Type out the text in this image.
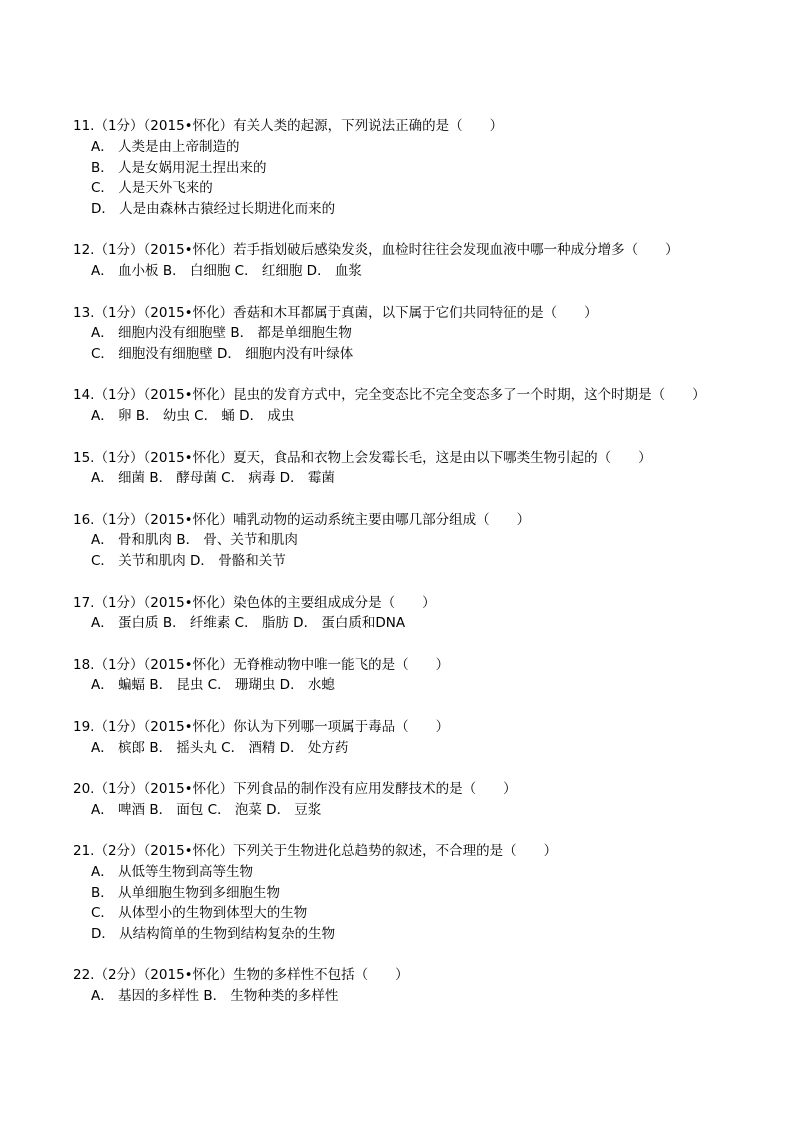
11.（1分）（2015•怀化）有关人类的起源，下列说法正确的是（　　）
A． 人类是由上帝制造的
B． 人是女娲用泥土捏出来的
C． 人是天外飞来的
D． 人是由森林古猿经过长期进化而来的
12.（1分）（2015•怀化）若手指划破后感染发炎，血检时往往会发现血液中哪一种成分增多（　　）
A． 血小板 B． 白细胞 C． 红细胞 D． 血浆
13.（1分）（2015•怀化）香菇和木耳都属于真菌，以下属于它们共同特征的是（　　）
A． 细胞内没有细胞壁 B． 都是单细胞生物
C． 细胞没有细胞壁 D． 细胞内没有叶绿体
14.（1分）（2015•怀化）昆虫的发育方式中，完全变态比不完全变态多了一个时期，这个时期是（　　）
A． 卵 B． 幼虫 C． 蛹 D． 成虫
15.（1分）（2015•怀化）夏天，食品和衣物上会发霉长毛，这是由以下哪类生物引起的（　　）
A． 细菌 B． 酵母菌 C． 病毒 D． 霉菌
16.（1分）（2015•怀化）哺乳动物的运动系统主要由哪几部分组成（　　）
A． 骨和肌肉 B． 骨、关节和肌肉
C． 关节和肌肉 D． 骨骼和关节
17.（1分）（2015•怀化）染色体的主要组成成分是（　　）
A． 蛋白质 B． 纤维素 C． 脂肪 D． 蛋白质和DNA
18.（1分）（2015•怀化）无脊椎动物中唯一能飞的是（　　）
A． 蝙蝠 B． 昆虫 C． 珊瑚虫 D． 水螅
19.（1分）（2015•怀化）你认为下列哪一项属于毒品（　　）
A． 槟郎 B． 摇头丸 C． 酒精 D． 处方药
20.（1分）（2015•怀化）下列食品的制作没有应用发酵技术的是（　　）
A． 啤酒 B． 面包 C． 泡菜 D． 豆浆
21.（2分）（2015•怀化）下列关于生物进化总趋势的叙述，不合理的是（　　）
A． 从低等生物到高等生物
B． 从单细胞生物到多细胞生物
C． 从体型小的生物到体型大的生物
D． 从结构简单的生物到结构复杂的生物
22.（2分）（2015•怀化）生物的多样性不包括（　　）
A． 基因的多样性 B． 生物种类的多样性
